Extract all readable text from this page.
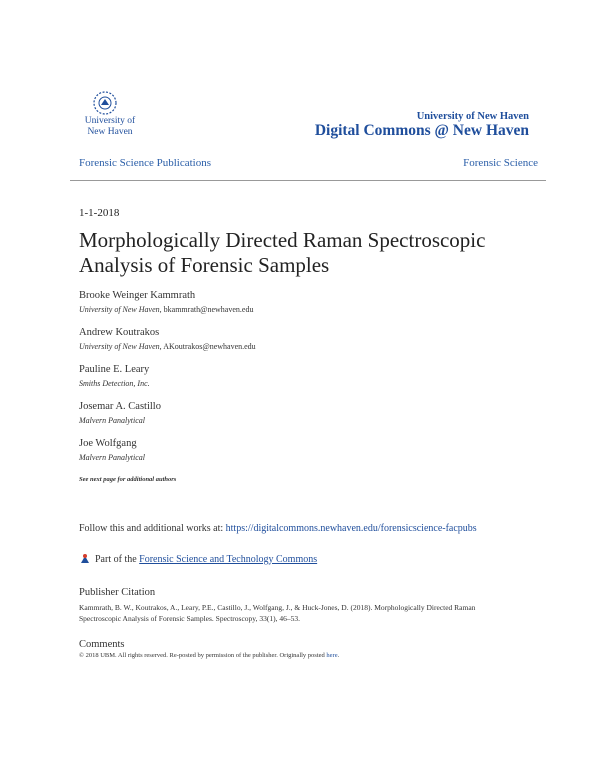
University of New Haven
University of New Haven
Digital Commons @ New Haven
Forensic Science Publications	Forensic Science
1-1-2018
Morphologically Directed Raman Spectroscopic Analysis of Forensic Samples
Brooke Weinger Kammrath
University of New Haven, bkammrath@newhaven.edu
Andrew Koutrakos
University of New Haven, AKoutrakos@newhaven.edu
Pauline E. Leary
Smiths Detection, Inc.
Josemar A. Castillo
Malvern Panalytical
Joe Wolfgang
Malvern Panalytical
See next page for additional authors
Follow this and additional works at: https://digitalcommons.newhaven.edu/forensicscience-facpubs
Part of the
Forensic Science and Technology Commons
Publisher Citation
Kammrath, B. W., Koutrakos, A., Leary, P.E., Castillo, J., Wolfgang, J., & Huck-Jones, D. (2018). Morphologically Directed Raman Spectroscopic Analysis of Forensic Samples. Spectroscopy, 33(1), 46–53.
Comments
© 2018 UBM. All rights reserved. Re-posted by permission of the publisher. Originally posted here.
